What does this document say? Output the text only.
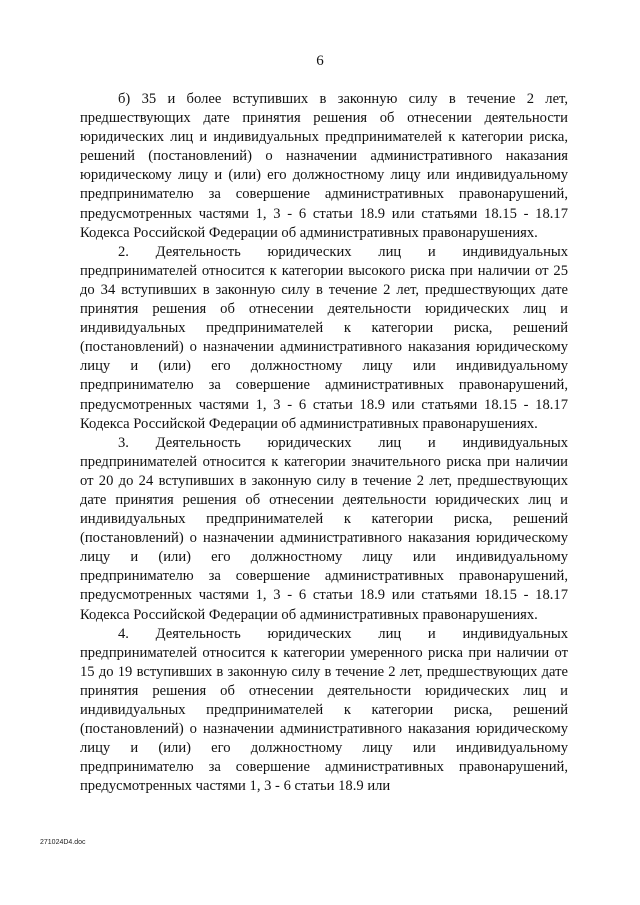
6

б) 35 и более вступивших в законную силу в течение 2 лет, предшествующих дате принятия решения об отнесении деятельности юридических лиц и индивидуальных предпринимателей к категории риска, решений (постановлений) о назначении административного наказания юридическому лицу и (или) его должностному лицу или индивидуальному предпринимателю за совершение административных правонарушений, предусмотренных частями 1, 3 - 6 статьи 18.9 или статьями 18.15 - 18.17 Кодекса Российской Федерации об административных правонарушениях.

2. Деятельность юридических лиц и индивидуальных предпринимателей относится к категории высокого риска при наличии от 25 до 34 вступивших в законную силу в течение 2 лет, предшествующих дате принятия решения об отнесении деятельности юридических лиц и индивидуальных предпринимателей к категории риска, решений (постановлений) о назначении административного наказания юридическому лицу и (или) его должностному лицу или индивидуальному предпринимателю за совершение административных правонарушений, предусмотренных частями 1, 3 - 6 статьи 18.9 или статьями 18.15 - 18.17 Кодекса Российской Федерации об административных правонарушениях.

3. Деятельность юридических лиц и индивидуальных предпринимателей относится к категории значительного риска при наличии от 20 до 24 вступивших в законную силу в течение 2 лет, предшествующих дате принятия решения об отнесении деятельности юридических лиц и индивидуальных предпринимателей к категории риска, решений (постановлений) о назначении административного наказания юридическому лицу и (или) его должностному лицу или индивидуальному предпринимателю за совершение административных правонарушений, предусмотренных частями 1, 3 - 6 статьи 18.9 или статьями 18.15 - 18.17 Кодекса Российской Федерации об административных правонарушениях.

4. Деятельность юридических лиц и индивидуальных предпринимателей относится к категории умеренного риска при наличии от 15 до 19 вступивших в законную силу в течение 2 лет, предшествующих дате принятия решения об отнесении деятельности юридических лиц и индивидуальных предпринимателей к категории риска, решений (постановлений) о назначении административного наказания юридическому лицу и (или) его должностному лицу или индивидуальному предпринимателю за совершение административных правонарушений, предусмотренных частями 1, 3 - 6 статьи 18.9 или

271024D4.doc
